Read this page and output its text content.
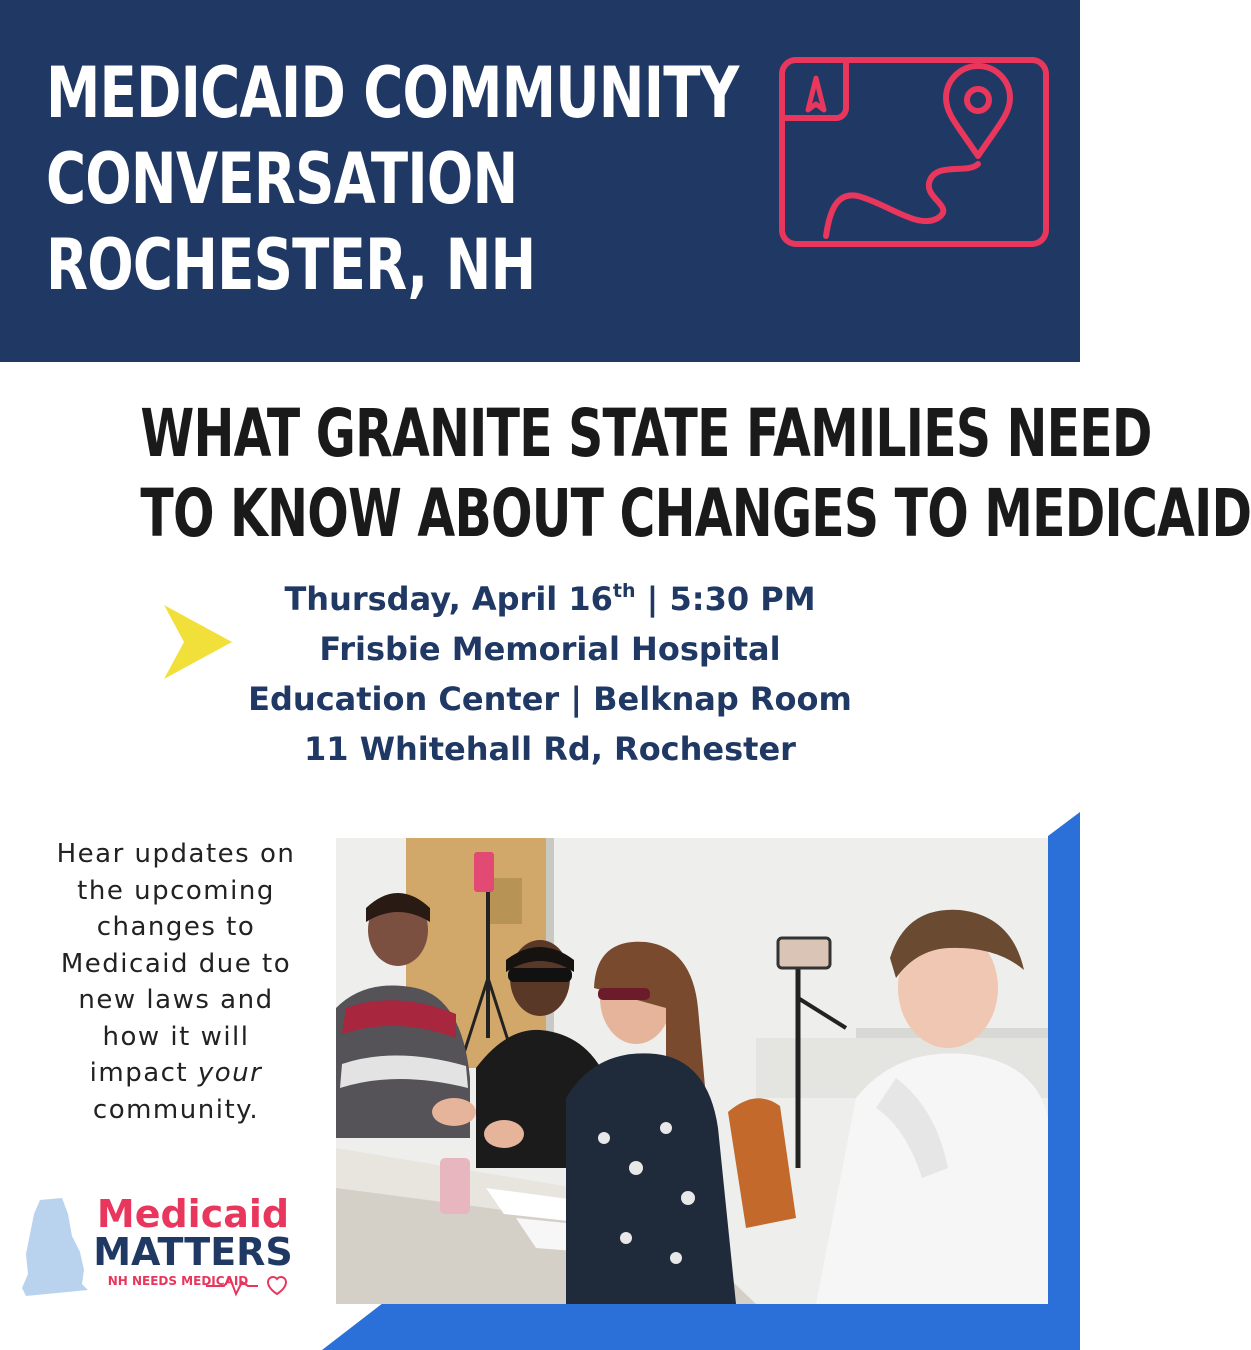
MEDICAID COMMUNITY
CONVERSATION
ROCHESTER, NH
WHAT GRANITE STATE FAMILIES NEED
TO KNOW ABOUT CHANGES TO MEDICAID
Thursday, April 16th | 5:30 PM
Frisbie Memorial Hospital
Education Center | Belknap Room
11 Whitehall Rd, Rochester
Hear updates on
the upcoming
changes to
Medicaid due to
new laws and
how it will
impact your
community.
Medicaid
MATTERS
NH NEEDS MEDICAID
